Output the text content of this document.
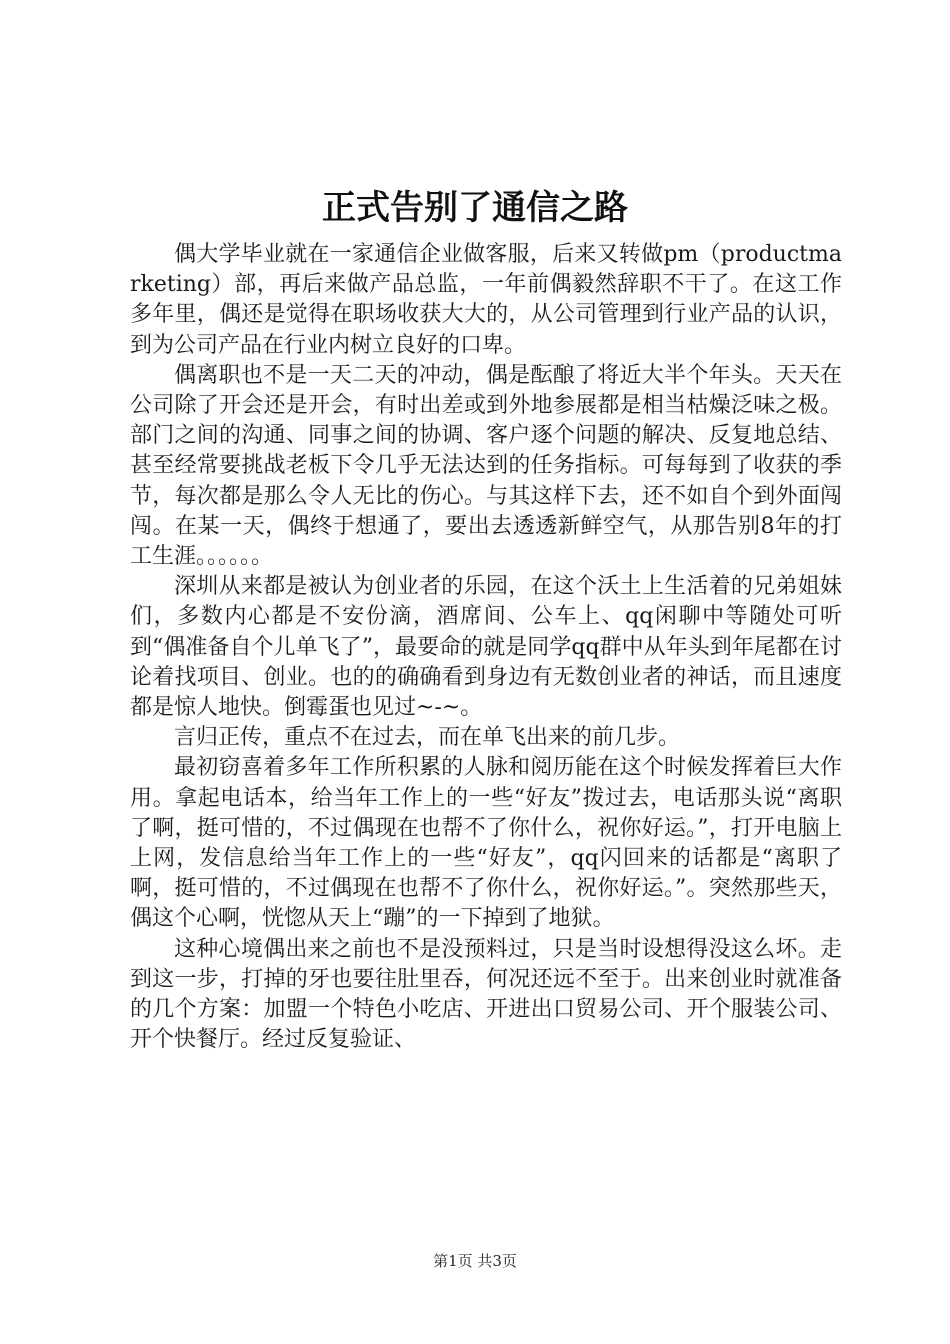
正式告别了通信之路

偶大学毕业就在一家通信企业做客服，后来又转做pm（productmarketing）部，再后来做产品总监，一年前偶毅然辞职不干了。在这工作多年里，偶还是觉得在职场收获大大的，从公司管理到行业产品的认识，到为公司产品在行业内树立良好的口卑。

偶离职也不是一天二天的冲动，偶是酝酿了将近大半个年头。天天在公司除了开会还是开会，有时出差或到外地参展都是相当枯燥泛味之极。部门之间的沟通、同事之间的协调、客户逐个问题的解决、反复地总结、甚至经常要挑战老板下令几乎无法达到的任务指标。可每每到了收获的季节，每次都是那么令人无比的伤心。与其这样下去，还不如自个到外面闯闯。在某一天，偶终于想通了，要出去透透新鲜空气，从那告别8年的打工生涯。。。。。。

深圳从来都是被认为创业者的乐园，在这个沃土上生活着的兄弟姐妹们，多数内心都是不安份滴，酒席间、公车上、qq闲聊中等随处可听到“偶准备自个儿单飞了”，最要命的就是同学qq群中从年头到年尾都在讨论着找项目、创业。也的的确确看到身边有无数创业者的神话，而且速度都是惊人地快。倒霉蛋也见过~-~。

言归正传，重点不在过去，而在单飞出来的前几步。

最初窃喜着多年工作所积累的人脉和阅历能在这个时候发挥着巨大作用。拿起电话本，给当年工作上的一些“好友”拨过去，电话那头说“离职了啊，挺可惜的，不过偶现在也帮不了你什么，祝你好运。”，打开电脑上上网，发信息给当年工作上的一些“好友”，qq闪回来的话都是“离职了啊，挺可惜的，不过偶现在也帮不了你什么，祝你好运。”。突然那些天，偶这个心啊，恍惚从天上“蹦”的一下掉到了地狱。

这种心境偶出来之前也不是没预料过，只是当时设想得没这么坏。走到这一步，打掉的牙也要往肚里吞，何况还远不至于。出来创业时就准备的几个方案：加盟一个特色小吃店、开进出口贸易公司、开个服装公司、开个快餐厅。经过反复验证、

第1页 共3页
